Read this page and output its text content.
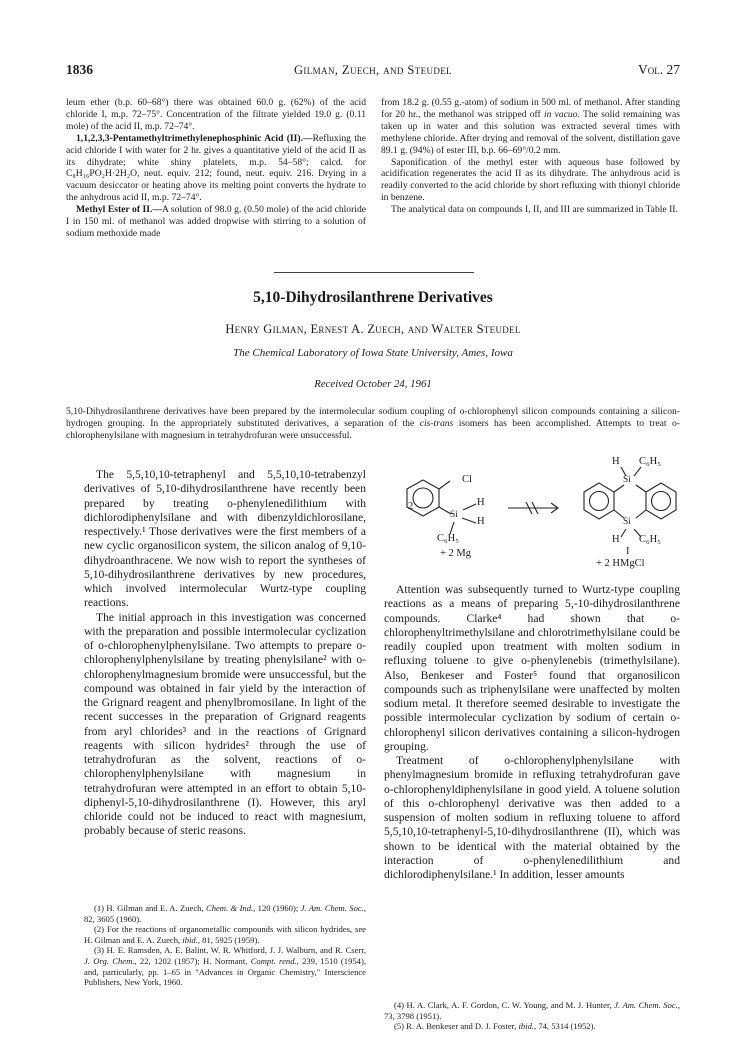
1836	Gilman, Zuech, and Steudel	Vol. 27

leum ether (b.p. 60–68°) there was obtained 60.0 g. (62%) of the acid chloride I, m.p. 72–75°. Concentration of the filtrate yielded 19.0 g. (0.11 mole) of the acid II, m.p. 72–74°.

1,1,2,3,3-Pentamethyltrimethylenephosphinic Acid (II).—Refluxing the acid chloride I with water for 2 hr. gives a quantitative yield of the acid II as its dihydrate; white shiny platelets, m.p. 54–58°; calcd. for C₈H₁₆PO₂H·2H₂O, neut. equiv. 212; found, neut. equiv. 216. Drying in a vacuum desiccator or heating above its melting point converts the hydrate to the anhydrous acid II, m.p. 72–74°.

Methyl Ester of II.—A solution of 98.0 g. (0.50 mole) of the acid chloride I in 150 ml. of methanol was added dropwise with stirring to a solution of sodium methoxide made

from 18.2 g. (0.55 g.-atom) of sodium in 500 ml. of methanol. After standing for 20 hr., the methanol was stripped off in vacuo. The solid remaining was taken up in water and this solution was extracted several times with methylene chloride. After drying and removal of the solvent, distillation gave 89.1 g. (94%) of ester III, b.p. 66–69°/0.2 mm.

Saponification of the methyl ester with aqueous base followed by acidification regenerates the acid II as its dihydrate. The anhydrous acid is readily converted to the acid chloride by short refluxing with thionyl chloride in benzene.

The analytical data on compounds I, II, and III are summarized in Table II.

5,10-Dihydrosilanthrene Derivatives
Henry Gilman, Ernest A. Zuech, and Walter Steudel
The Chemical Laboratory of Iowa State University, Ames, Iowa
Received October 24, 1961
5,10-Dihydrosilanthrene derivatives have been prepared by the intermolecular sodium coupling of o-chlorophenyl silicon compounds containing a silicon-hydrogen grouping. In the appropriately substituted derivatives, a separation of the cis-trans isomers has been accomplished. Attempts to treat o-chlorophenylsilane with magnesium in tetrahydrofuran were unsuccessful.

The 5,5,10,10-tetraphenyl and 5,5,10,10-tetrabenzyl derivatives of 5,10-dihydrosilanthrene have recently been prepared by treating o-phenylenedilithium with dichlorodiphenylsilane and with dibenzyldichlorosilane, respectively.¹ Those derivatives were the first members of a new cyclic organosilicon system, the silicon analog of 9,10-dihydroanthracene. We now wish to report the syntheses of 5,10-dihydrosilanthrene derivatives by new procedures, which involved intermolecular Wurtz-type coupling reactions.

The initial approach in this investigation was concerned with the preparation and possible intermolecular cyclization of o-chlorophenylphenylsilane. Two attempts to prepare o-chlorophenylphenylsilane by treating phenylsilane² with o-chlorophenylmagnesium bromide were unsuccessful, but the compound was obtained in fair yield by the interaction of the Grignard reagent and phenylbromosilane. In light of the recent successes in the preparation of Grignard reagents from aryl chlorides³ and in the reactions of Grignard reagents with silicon hydrides² through the use of tetrahydrofuran as the solvent, reactions of o-chlorophenylphenylsilane with magnesium in tetrahydrofuran were attempted in an effort to obtain 5,10-diphenyl-5,10-dihydrosilanthrene (I). However, this aryl chloride could not be induced to react with magnesium, probably because of steric reasons.

(1) H. Gilman and E. A. Zuech, Chem. & Ind., 120 (1960); J. Am. Chem. Soc., 82, 3605 (1960).

(2) For the reactions of organometallic compounds with silicon hydrides, see H. Gilman and E. A. Zuech, ibid., 81, 5925 (1959).

(3) H. E. Ramsden, A. E. Balint, W. R. Whitford, J. J. Walburn, and R. Cserr, J. Org. Chem., 22, 1202 (1957); H. Normant, Compt. rend., 239, 1510 (1954), and, particularly, pp. 1–65 in "Advances in Organic Chemistry," Interscience Publishers, New York, 1960.

2
Cl
Si
H
H
C₆H₅
+ 2 Mg
Si
Si
H C₆H₅
H C₆H₅
I
+ 2 HMgCl

Attention was subsequently turned to Wurtz-type coupling reactions as a means of preparing 5,-10-dihydrosilanthrene compounds. Clarke⁴ had shown that o-chlorophenyltrimethylsilane and chlorotrimethylsilane could be readily coupled upon treatment with molten sodium in refluxing toluene to give o-phenylenebis (trimethylsilane). Also, Benkeser and Foster⁵ found that organosilicon compounds such as triphenylsilane were unaffected by molten sodium metal. It therefore seemed desirable to investigate the possible intermolecular cyclization by sodium of certain o-chlorophenyl silicon derivatives containing a silicon-hydrogen grouping.

Treatment of o-chlorophenylphenylsilane with phenylmagnesium bromide in refluxing tetrahydrofuran gave o-chlorophenyldiphenylsilane in good yield. A toluene solution of this o-chlorophenyl derivative was then added to a suspension of molten sodium in refluxing toluene to afford 5,5,10,10-tetraphenyl-5,10-dihydrosilanthrene (II), which was shown to be identical with the material obtained by the interaction of o-phenylenedilithium and dichlorodiphenylsilane.¹ In addition, lesser amounts

(4) H. A. Clark, A. F. Gordon, C. W. Young, and M. J. Hunter, J. Am. Chem. Soc., 73, 3798 (1951).

(5) R. A. Benkeser and D. J. Foster, ibid., 74, 5314 (1952).
